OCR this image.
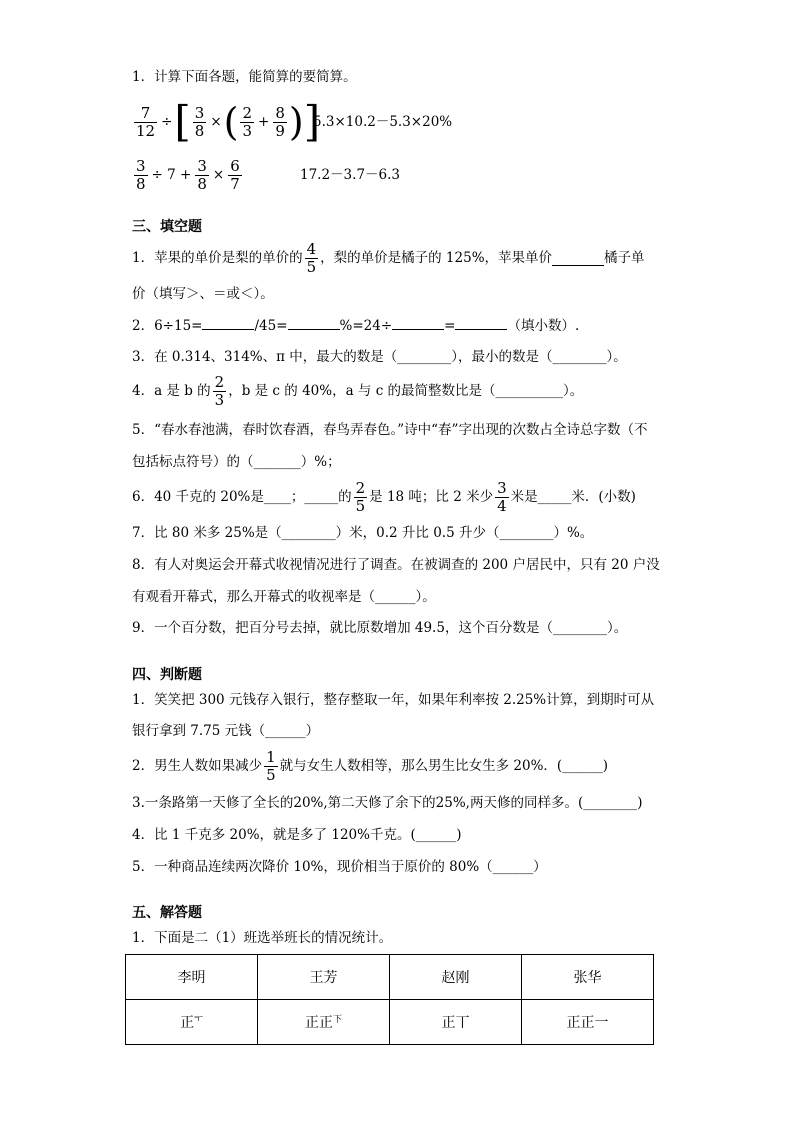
1．计算下面各题，能简算的要简算。
$\frac{7}{12}$ ÷ [ $\frac{3}{8}$ × ( $\frac{2}{3} + \frac{8}{9}$ ) ]
5.3×10.2－5.3×20%
$\frac{3}{8} \div 7 + \frac{3}{8} \times \frac{6}{7}$	17.2－3.7－6.3
三、填空题
1．苹果的单价是梨的单价的 $\frac{4}{5}$ ，梨的单价是橘子的 125%，苹果单价	橘子单
价（填写＞、＝或＜）。
2．6÷15=	/45=	%=24÷	=	（填小数）.
3．在 0.314、314%、π 中，最大的数是（________），最小的数是（________）。
4．a 是 b 的 $\frac{2}{3}$ ，b 是 c 的 40%，a 与 c 的最简整数比是（__________）。
5．“春水春池满，春时饮春酒，春鸟弄春色。”诗中“春”字出现的次数占全诗总字数（不
包括标点符号）的（_______）%；
6．40 千克的 20%是____；_____的 $\frac{2}{5}$ 是 18 吨；比 2 米少 $\frac{3}{4}$ 米是_____米．(小数)
7．比 80 米多 25%是（________）米，0.2 升比 0.5 升少（________）%。
8．有人对奥运会开幕式收视情况进行了调查。在被调查的 200 户居民中，只有 20 户没
有观看开幕式，那么开幕式的收视率是（______）。
9．一个百分数，把百分号去掉，就比原数增加 49.5，这个百分数是（________）。
四、判断题
1．笑笑把 300 元钱存入银行，整存整取一年，如果年利率按 2.25%计算，到期时可从
银行拿到 7.75 元钱（______）
2．男生人数如果减少 $\frac{1}{5}$ 就与女生人数相等，那么男生比女生多 20%．(______)
3.一条路第一天修了全长的20%,第二天修了余下的25%,两天修的同样多。(________)
4．比 1 千克多 20%，就是多了 120%千克。(______)
5．一种商品连续两次降价 10%，现价相当于原价的 80%（______）
五、解答题
1．下面是二（1）班选举班长的情况统计。
李明	王芳	赵刚	张华
正$^ㅜ$	正正$^下$	正丅	正正一
